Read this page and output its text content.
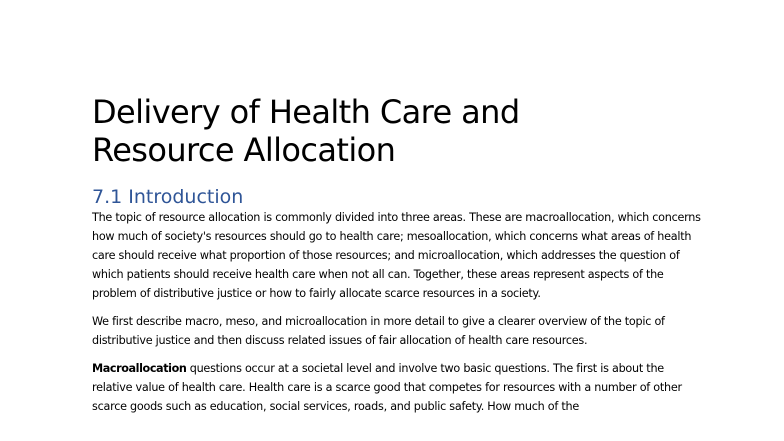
Delivery of Health Care and
Resource Allocation
7.1 Introduction

The topic of resource allocation is commonly divided into three areas. These are macroallocation, which concerns how much of society's resources should go to health care; mesoallocation, which concerns what areas of health care should receive what proportion of those resources; and microallocation, which addresses the question of which patients should receive health care when not all can. Together, these areas represent aspects of the problem of distributive justice or how to fairly allocate scarce resources in a society.

We first describe macro, meso, and microallocation in more detail to give a clearer overview of the topic of distributive justice and then discuss related issues of fair allocation of health care resources.

Macroallocation questions occur at a societal level and involve two basic questions. The first is about the relative value of health care. Health care is a scarce good that competes for resources with a number of other scarce goods such as education, social services, roads, and public safety. How much of the
